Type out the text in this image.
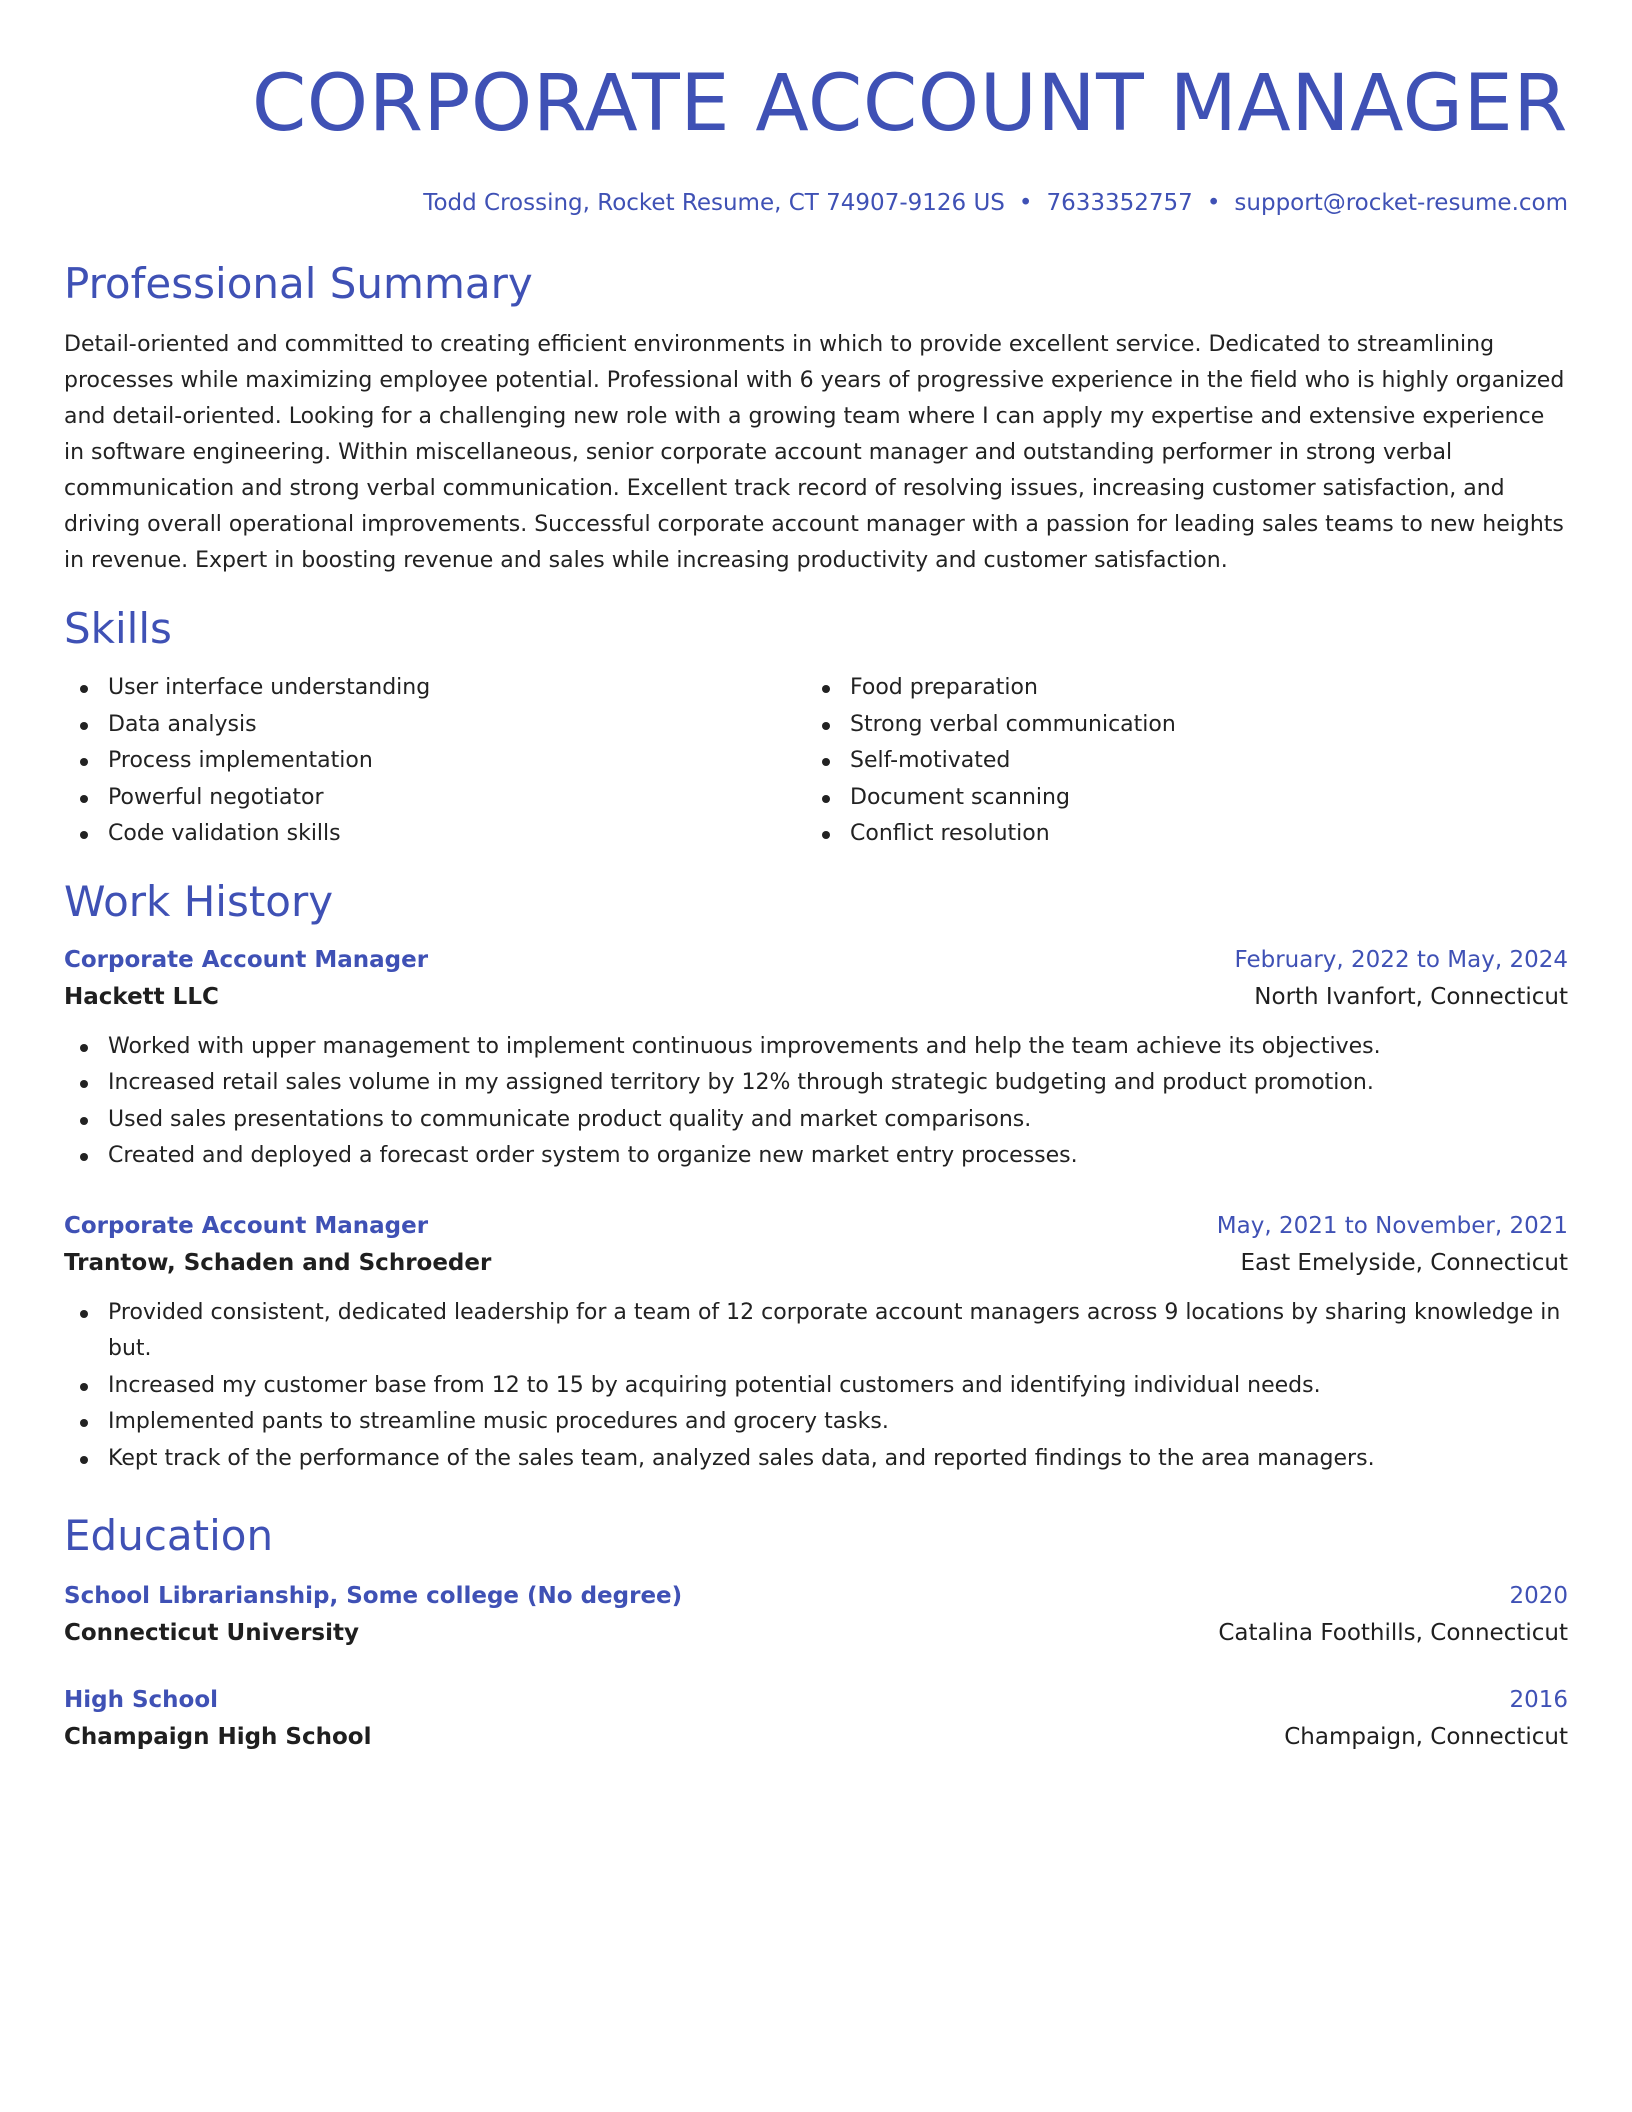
CORPORATE ACCOUNT MANAGER
Todd Crossing, Rocket Resume, CT 74907-9126 US • 7633352757 • support@rocket-resume.com
Professional Summary
Detail-oriented and committed to creating efficient environments in which to provide excellent service. Dedicated to streamlining processes while maximizing employee potential. Professional with 6 years of progressive experience in the field who is highly organized and detail-oriented. Looking for a challenging new role with a growing team where I can apply my expertise and extensive experience in software engineering. Within miscellaneous, senior corporate account manager and outstanding performer in strong verbal communication and strong verbal communication. Excellent track record of resolving issues, increasing customer satisfaction, and driving overall operational improvements. Successful corporate account manager with a passion for leading sales teams to new heights in revenue. Expert in boosting revenue and sales while increasing productivity and customer satisfaction.
Skills
User interface understanding
Data analysis
Process implementation
Powerful negotiator
Code validation skills
Food preparation
Strong verbal communication
Self-motivated
Document scanning
Conflict resolution
Work History
Corporate Account Manager	February, 2022 to May, 2024
Hackett LLC	North Ivanfort, Connecticut
Worked with upper management to implement continuous improvements and help the team achieve its objectives.
Increased retail sales volume in my assigned territory by 12% through strategic budgeting and product promotion.
Used sales presentations to communicate product quality and market comparisons.
Created and deployed a forecast order system to organize new market entry processes.
Corporate Account Manager	May, 2021 to November, 2021
Trantow, Schaden and Schroeder	East Emelyside, Connecticut
Provided consistent, dedicated leadership for a team of 12 corporate account managers across 9 locations by sharing knowledge in but.
Increased my customer base from 12 to 15 by acquiring potential customers and identifying individual needs.
Implemented pants to streamline music procedures and grocery tasks.
Kept track of the performance of the sales team, analyzed sales data, and reported findings to the area managers.
Education
School Librarianship, Some college (No degree)	2020
Connecticut University	Catalina Foothills, Connecticut
High School	2016
Champaign High School	Champaign, Connecticut
